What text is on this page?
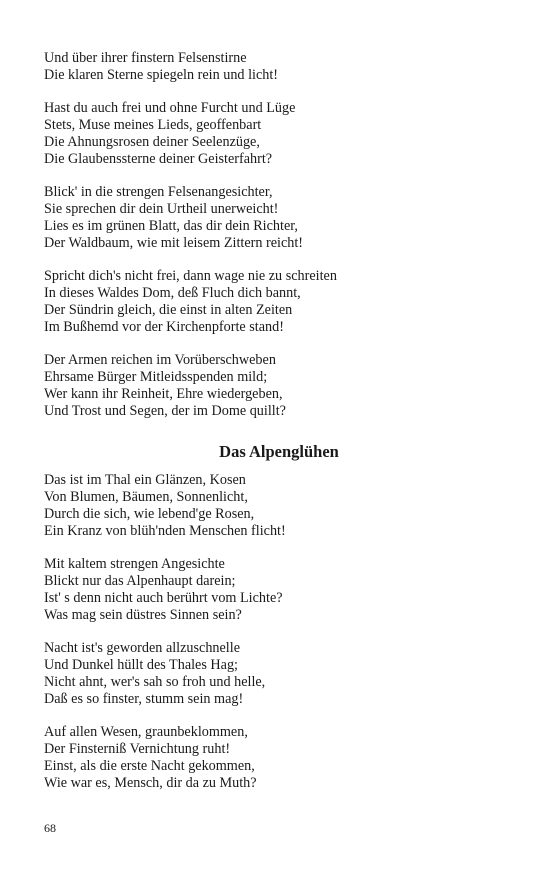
Und über ihrer finstern Felsenstirne
Die klaren Sterne spiegeln rein und licht!
Hast du auch frei und ohne Furcht und Lüge
Stets, Muse meines Lieds, geoffenbart
Die Ahnungsrosen deiner Seelenzüge,
Die Glaubenssterne deiner Geisterfahrt?
Blick' in die strengen Felsenangesichter,
Sie sprechen dir dein Urtheil unerweicht!
Lies es im grünen Blatt, das dir dein Richter,
Der Waldbaum, wie mit leisem Zittern reicht!
Spricht dich's nicht frei, dann wage nie zu schreiten
In dieses Waldes Dom, deß Fluch dich bannt,
Der Sündrin gleich, die einst in alten Zeiten
Im Bußhemd vor der Kirchenpforte stand!
Der Armen reichen im Vorüberschweben
Ehrsame Bürger Mitleidsspenden mild;
Wer kann ihr Reinheit, Ehre wiedergeben,
Und Trost und Segen, der im Dome quillt?
Das Alpenglühen
Das ist im Thal ein Glänzen, Kosen
Von Blumen, Bäumen, Sonnenlicht,
Durch die sich, wie lebend'ge Rosen,
Ein Kranz von blüh'nden Menschen flicht!
Mit kaltem strengen Angesichte
Blickt nur das Alpenhaupt darein;
Ist' s denn nicht auch berührt vom Lichte?
Was mag sein düstres Sinnen sein?
Nacht ist's geworden allzuschnelle
Und Dunkel hüllt des Thales Hag;
Nicht ahnt, wer's sah so froh und helle,
Daß es so finster, stumm sein mag!
Auf allen Wesen, graunbeklommen,
Der Finsterniß Vernichtung ruht!
Einst, als die erste Nacht gekommen,
Wie war es, Mensch, dir da zu Muth?
68
